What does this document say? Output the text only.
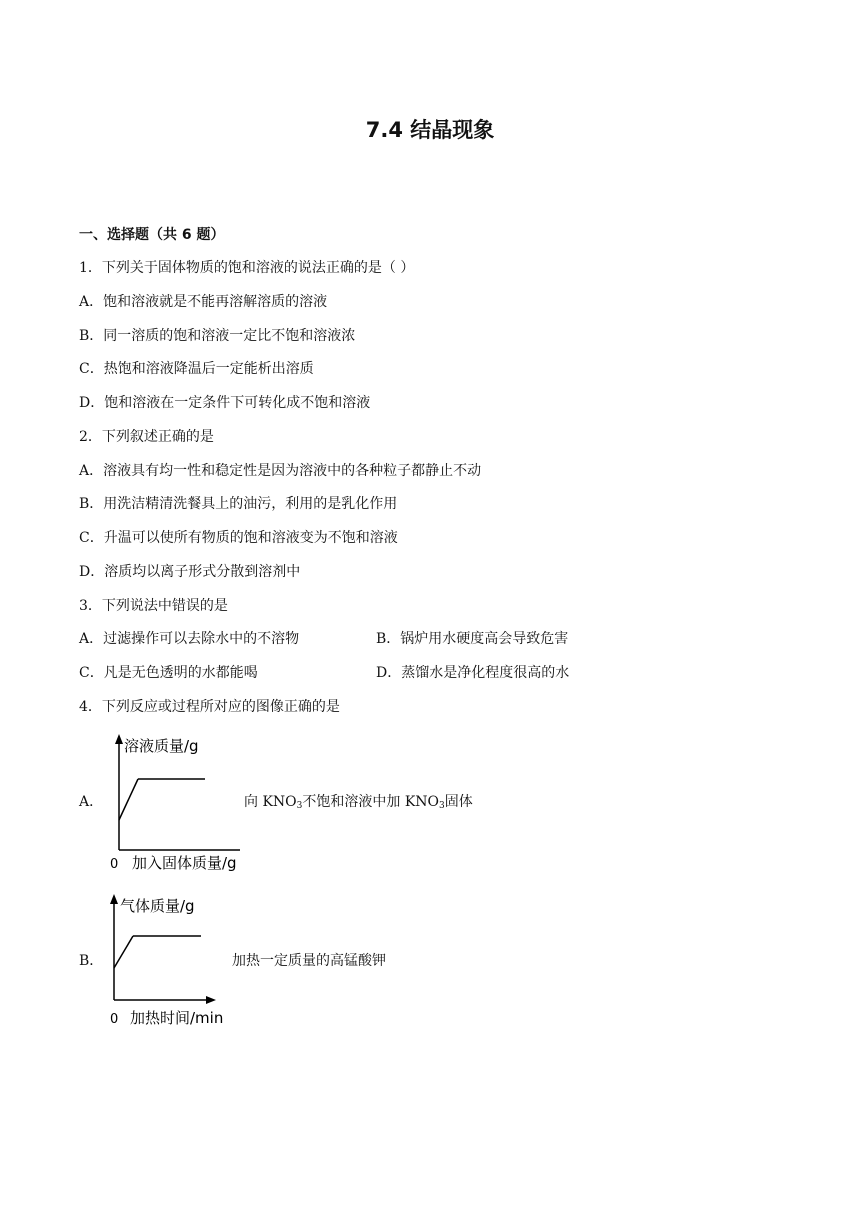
7.4 结晶现象
一、选择题（共 6 题）
1．下列关于固体物质的饱和溶液的说法正确的是（ ）
A．饱和溶液就是不能再溶解溶质的溶液
B．同一溶质的饱和溶液一定比不饱和溶液浓
C．热饱和溶液降温后一定能析出溶质
D．饱和溶液在一定条件下可转化成不饱和溶液
2．下列叙述正确的是
A．溶液具有均一性和稳定性是因为溶液中的各种粒子都静止不动
B．用洗洁精清洗餐具上的油污，利用的是乳化作用
C．升温可以使所有物质的饱和溶液变为不饱和溶液
D．溶质均以离子形式分散到溶剂中
3．下列说法中错误的是
A．过滤操作可以去除水中的不溶物	B．锅炉用水硬度高会导致危害
C．凡是无色透明的水都能喝	D．蒸馏水是净化程度很高的水
4．下列反应或过程所对应的图像正确的是
A．
溶液质量/g
0 加入固体质量/g
向 $KNO_3$不饱和溶液中加 $KNO_3$固体
B．
气体质量/g
0 加热时间/min
加热一定质量的高锰酸钾
